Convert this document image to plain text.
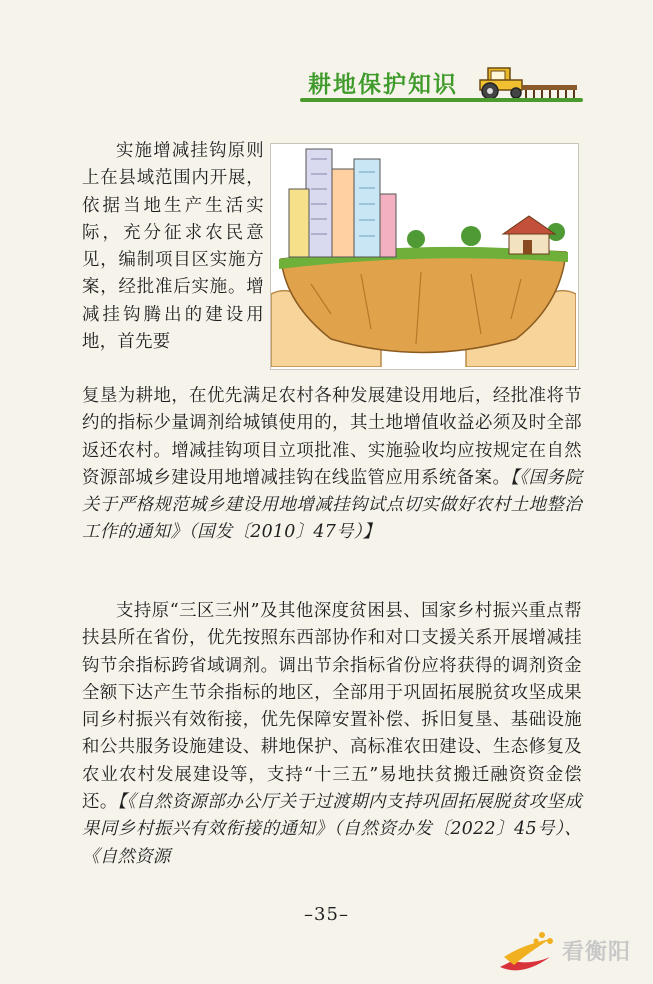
耕地保护知识

实施增减挂钩原则上在县域范围内开展，依据当地生产生活实际，充分征求农民意见，编制项目区实施方案，经批准后实施。增减挂钩腾出的建设用地，首先要

复垦为耕地，在优先满足农村各种发展建设用地后，经批准将节约的指标少量调剂给城镇使用的，其土地增值收益必须及时全部返还农村。增减挂钩项目立项批准、实施验收均应按规定在自然资源部城乡建设用地增减挂钩在线监管应用系统备案。【《国务院关于严格规范城乡建设用地增减挂钩试点切实做好农村土地整治工作的通知》（国发〔2010〕47号）】

支持原“三区三州”及其他深度贫困县、国家乡村振兴重点帮扶县所在省份，优先按照东西部协作和对口支援关系开展增减挂钩节余指标跨省域调剂。调出节余指标省份应将获得的调剂资金全额下达产生节余指标的地区，全部用于巩固拓展脱贫攻坚成果同乡村振兴有效衔接，优先保障安置补偿、拆旧复垦、基础设施和公共服务设施建设、耕地保护、高标准农田建设、生态修复及农业农村发展建设等，支持“十三五”易地扶贫搬迁融资资金偿还。【《自然资源部办公厅关于过渡期内支持巩固拓展脱贫攻坚成果同乡村振兴有效衔接的通知》（自然资办发〔2022〕45号）、《自然资源

–35–
看衡阳
